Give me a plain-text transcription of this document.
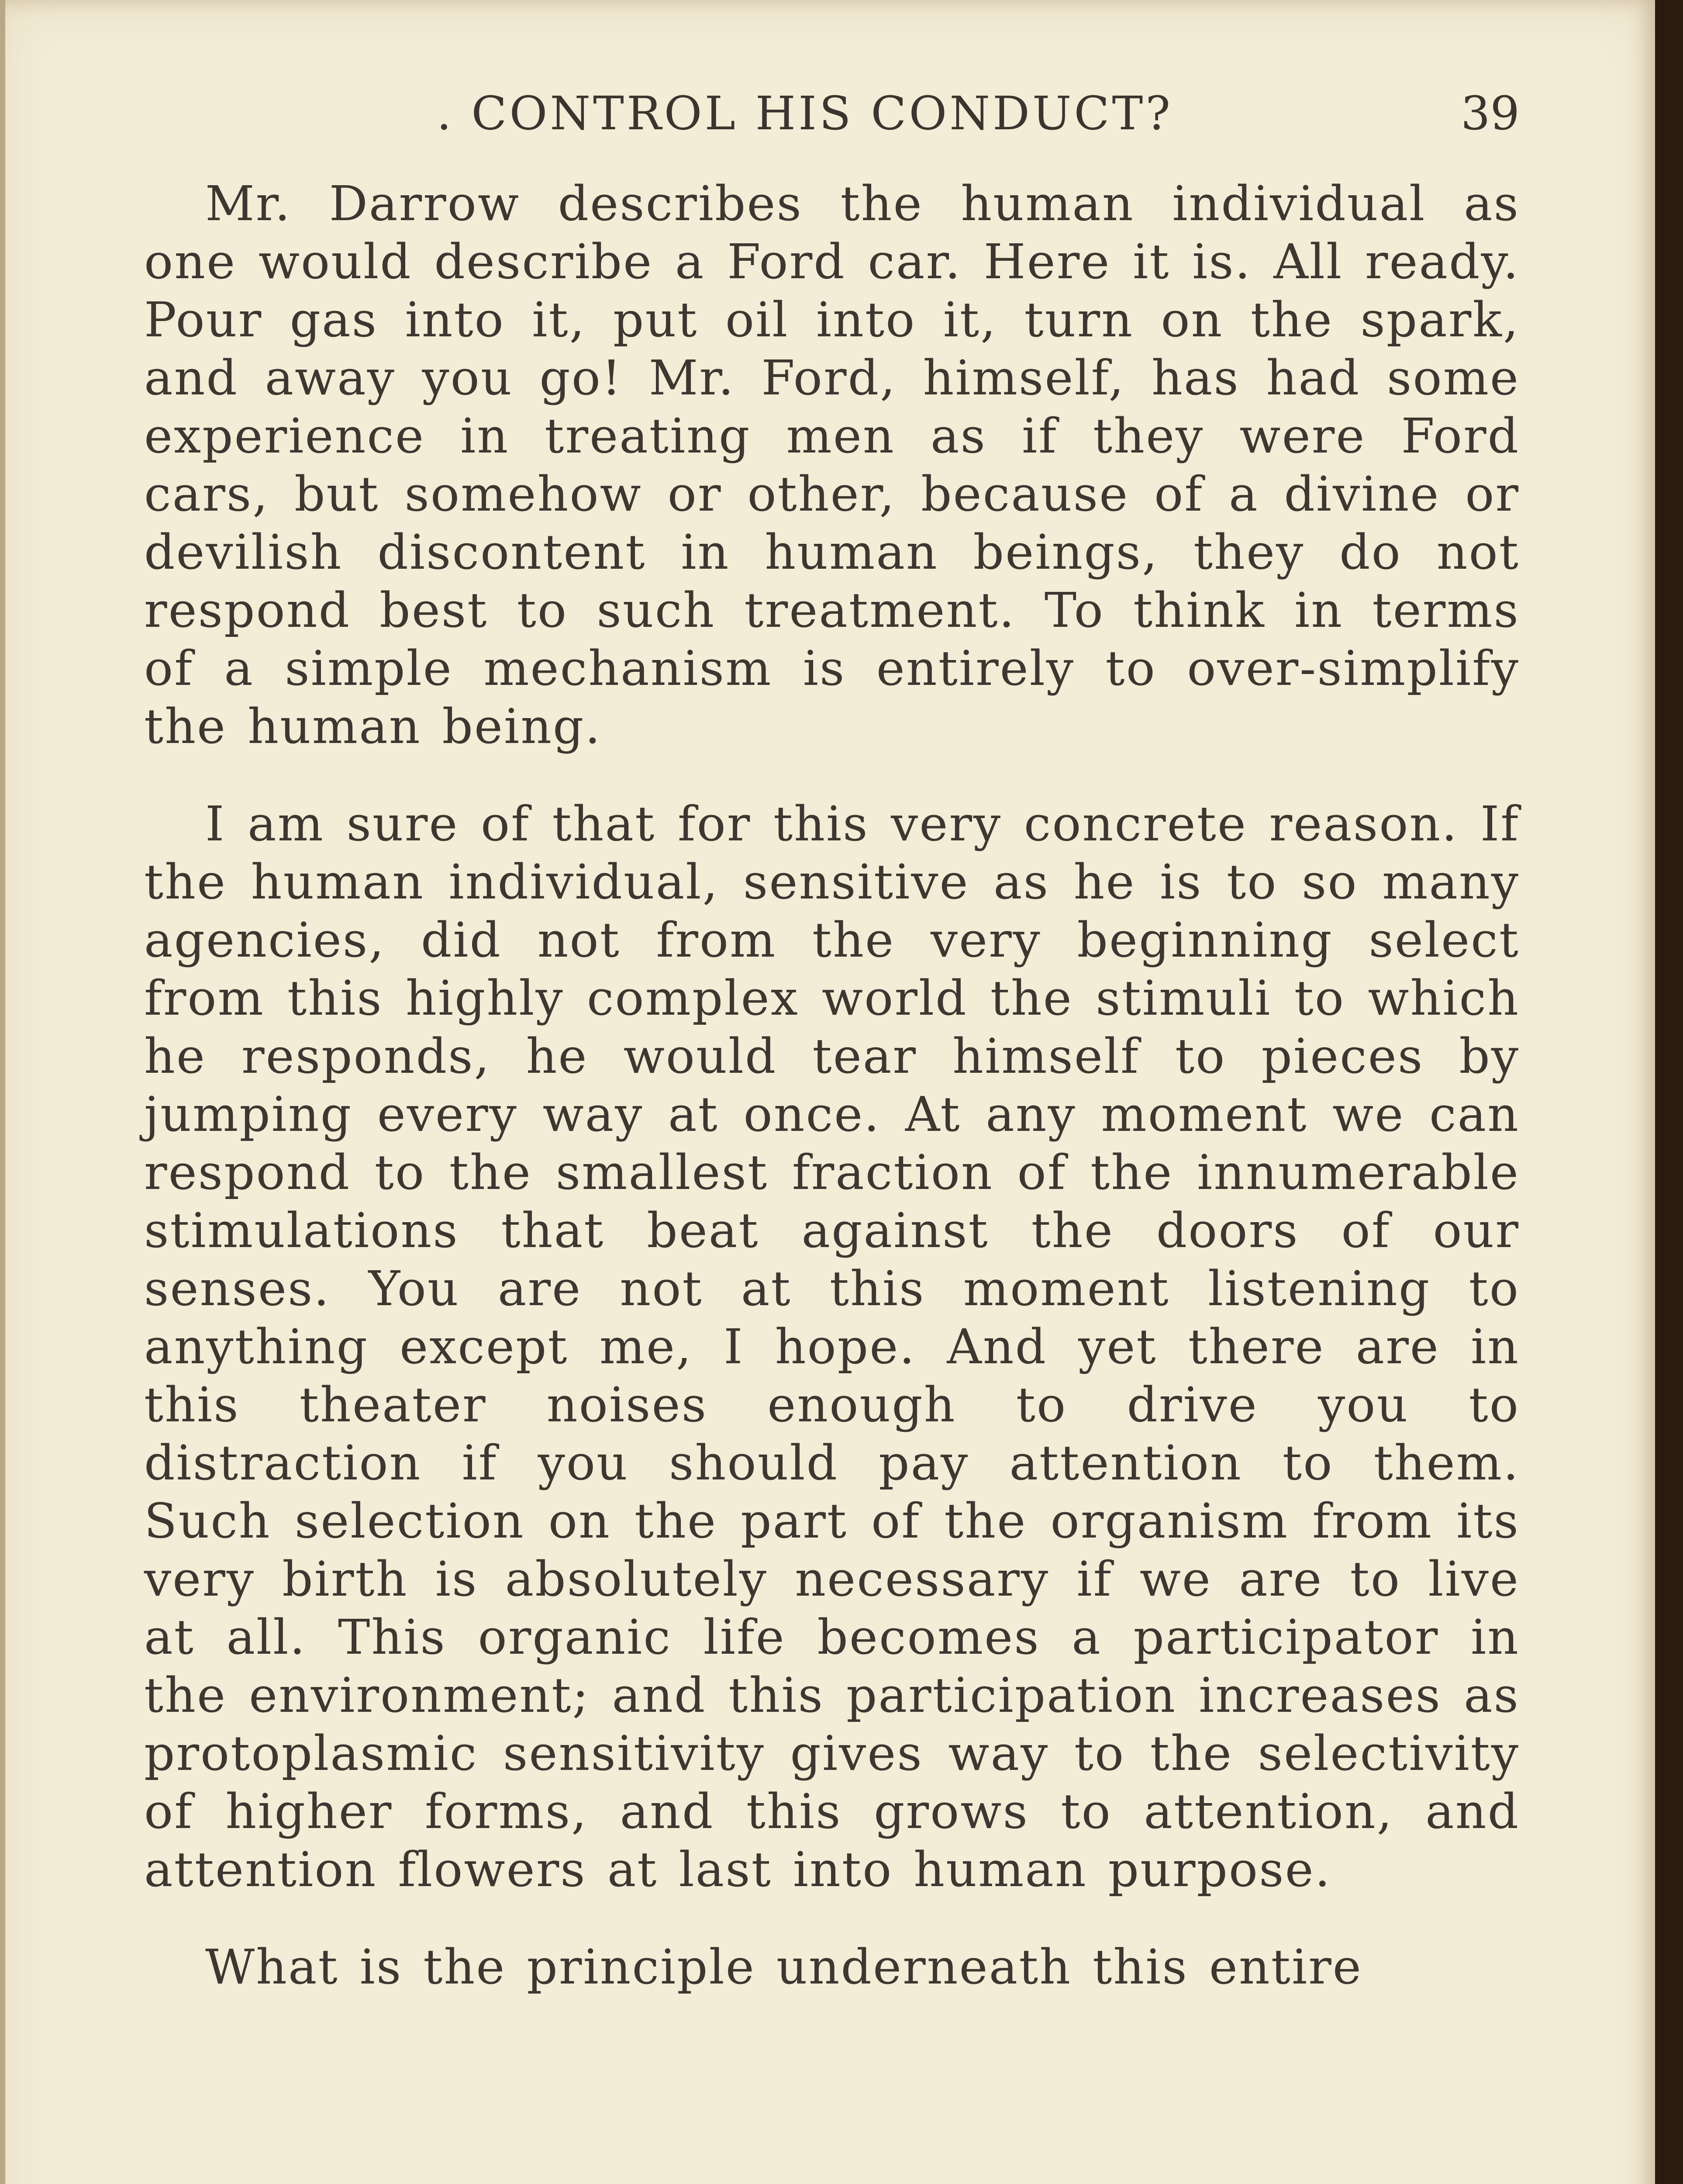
. CONTROL HIS CONDUCT?	39

Mr. Darrow describes the human individual as one would describe a Ford car. Here it is. All ready. Pour gas into it, put oil into it, turn on the spark, and away you go! Mr. Ford, himself, has had some experience in treating men as if they were Ford cars, but somehow or other, because of a divine or devilish discontent in human beings, they do not respond best to such treatment. To think in terms of a simple mechanism is entirely to over-simplify the human being.

I am sure of that for this very concrete reason. If the human individual, sensitive as he is to so many agencies, did not from the very beginning select from this highly complex world the stimuli to which he responds, he would tear himself to pieces by jumping every way at once. At any moment we can respond to the smallest fraction of the innumerable stimulations that beat against the doors of our senses. You are not at this moment listening to anything except me, I hope. And yet there are in this theater noises enough to drive you to distraction if you should pay attention to them. Such selection on the part of the organism from its very birth is absolutely necessary if we are to live at all. This organic life becomes a participator in the environment; and this participation increases as protoplasmic sensitivity gives way to the selectivity of higher forms, and this grows to attention, and attention flowers at last into human purpose.

What is the principle underneath this entire
